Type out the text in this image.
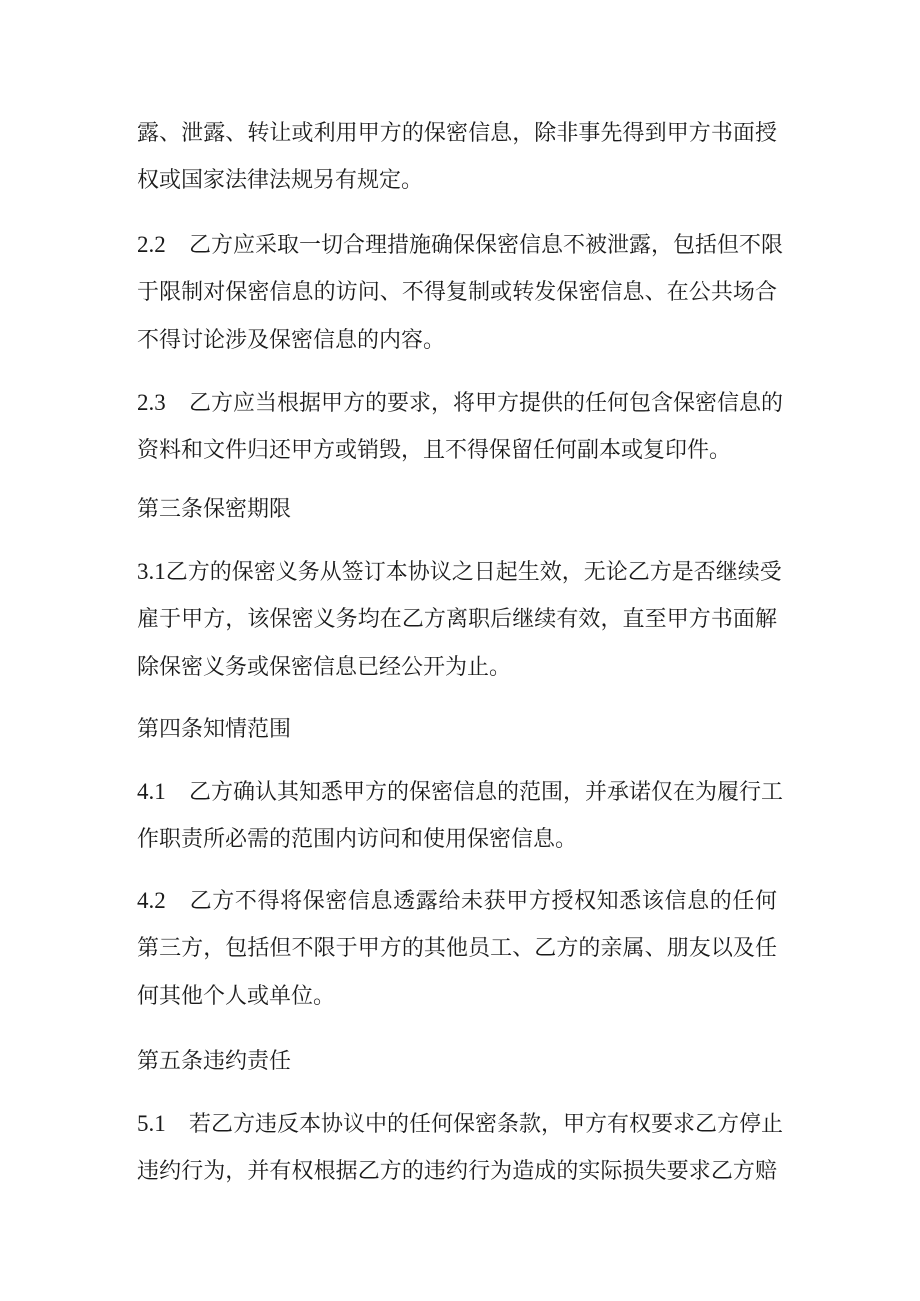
露、泄露、转让或利用甲方的保密信息，除非事先得到甲方书面授
权或国家法律法规另有规定。
2.2 乙方应采取一切合理措施确保保密信息不被泄露，包括但不限
于限制对保密信息的访问、不得复制或转发保密信息、在公共场合
不得讨论涉及保密信息的内容。
2.3 乙方应当根据甲方的要求，将甲方提供的任何包含保密信息的
资料和文件归还甲方或销毁，且不得保留任何副本或复印件。
第三条保密期限
3.1乙方的保密义务从签订本协议之日起生效，无论乙方是否继续受
雇于甲方，该保密义务均在乙方离职后继续有效，直至甲方书面解
除保密义务或保密信息已经公开为止。
第四条知情范围
4.1 乙方确认其知悉甲方的保密信息的范围，并承诺仅在为履行工
作职责所必需的范围内访问和使用保密信息。
4.2 乙方不得将保密信息透露给未获甲方授权知悉该信息的任何
第三方，包括但不限于甲方的其他员工、乙方的亲属、朋友以及任
何其他个人或单位。
第五条违约责任
5.1 若乙方违反本协议中的任何保密条款，甲方有权要求乙方停止
违约行为，并有权根据乙方的违约行为造成的实际损失要求乙方赔
